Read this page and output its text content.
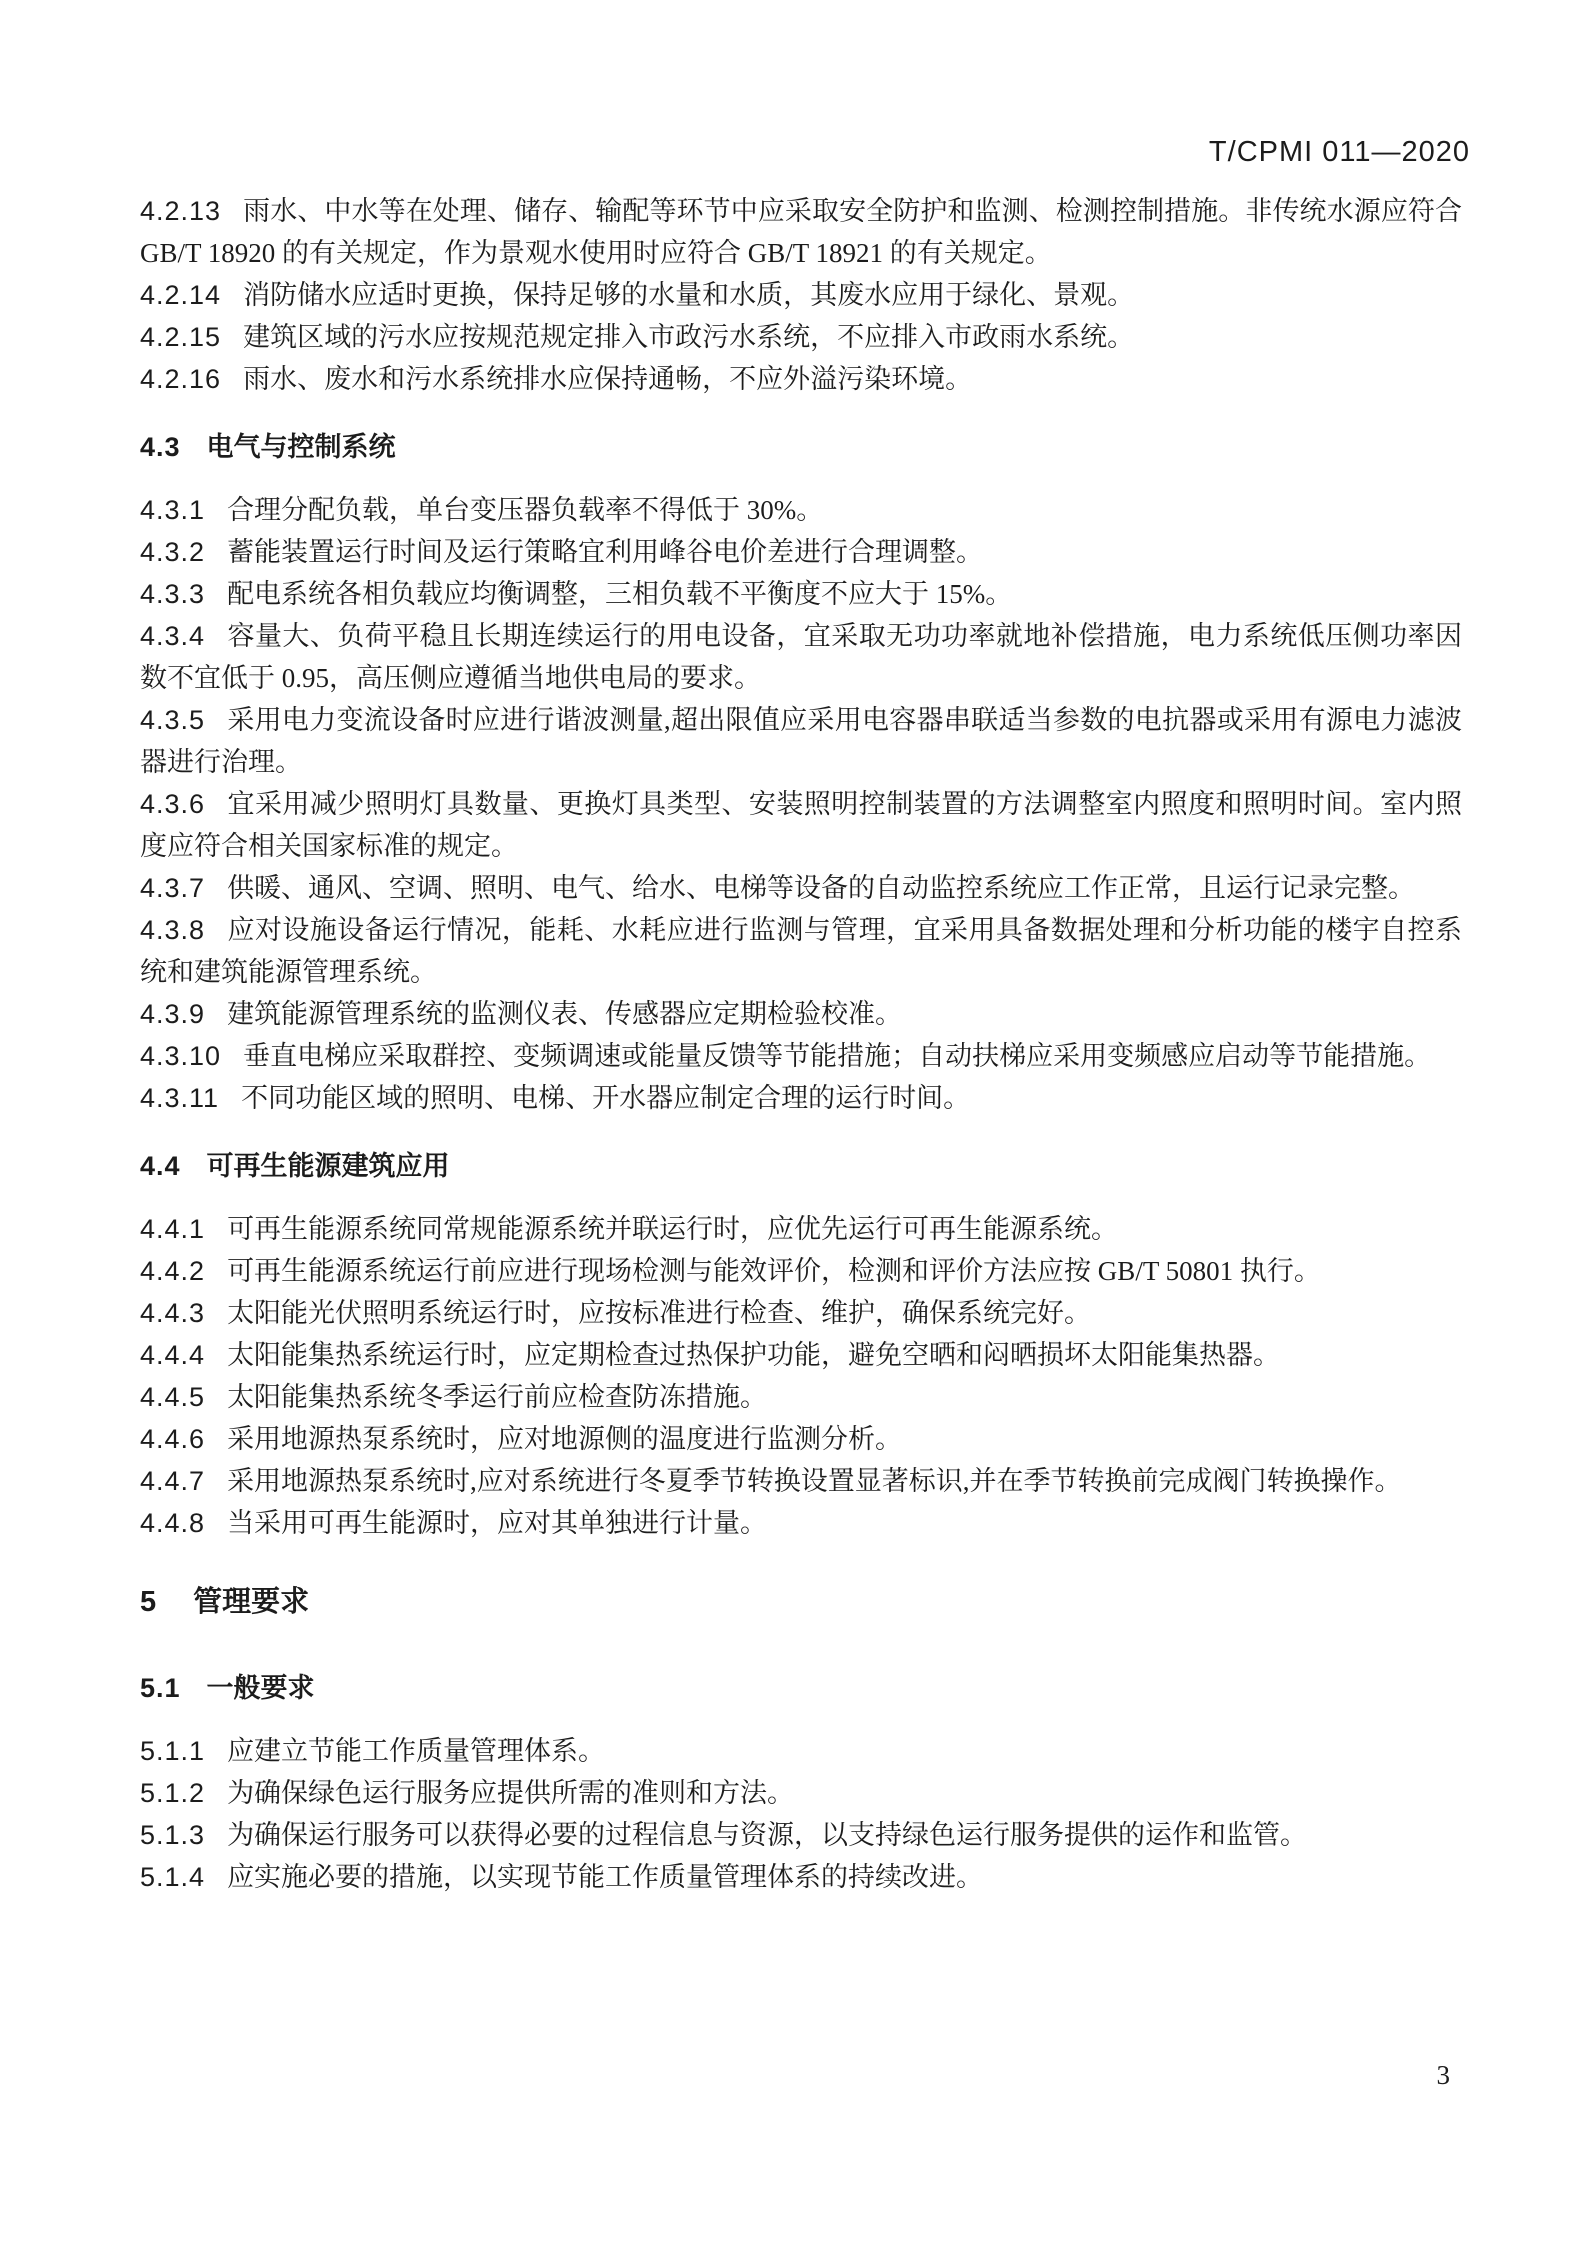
T/CPMI 011—2020

4.2.13 雨水、中水等在处理、储存、输配等环节中应采取安全防护和监测、检测控制措施。非传统水源应符合 GB/T 18920 的有关规定，作为景观水使用时应符合 GB/T 18921 的有关规定。

4.2.14 消防储水应适时更换，保持足够的水量和水质，其废水应用于绿化、景观。

4.2.15 建筑区域的污水应按规范规定排入市政污水系统，不应排入市政雨水系统。

4.2.16 雨水、废水和污水系统排水应保持通畅，不应外溢污染环境。

4.3 电气与控制系统

4.3.1 合理分配负载，单台变压器负载率不得低于 30%。

4.3.2 蓄能装置运行时间及运行策略宜利用峰谷电价差进行合理调整。

4.3.3 配电系统各相负载应均衡调整，三相负载不平衡度不应大于 15%。

4.3.4 容量大、负荷平稳且长期连续运行的用电设备，宜采取无功功率就地补偿措施，电力系统低压侧功率因数不宜低于 0.95，高压侧应遵循当地供电局的要求。

4.3.5 采用电力变流设备时应进行谐波测量,超出限值应采用电容器串联适当参数的电抗器或采用有源电力滤波器进行治理。

4.3.6 宜采用减少照明灯具数量、更换灯具类型、安装照明控制装置的方法调整室内照度和照明时间。室内照度应符合相关国家标准的规定。

4.3.7 供暖、通风、空调、照明、电气、给水、电梯等设备的自动监控系统应工作正常，且运行记录完整。

4.3.8 应对设施设备运行情况，能耗、水耗应进行监测与管理，宜采用具备数据处理和分析功能的楼宇自控系统和建筑能源管理系统。

4.3.9 建筑能源管理系统的监测仪表、传感器应定期检验校准。

4.3.10 垂直电梯应采取群控、变频调速或能量反馈等节能措施；自动扶梯应采用变频感应启动等节能措施。

4.3.11 不同功能区域的照明、电梯、开水器应制定合理的运行时间。

4.4 可再生能源建筑应用

4.4.1 可再生能源系统同常规能源系统并联运行时，应优先运行可再生能源系统。

4.4.2 可再生能源系统运行前应进行现场检测与能效评价，检测和评价方法应按 GB/T 50801 执行。

4.4.3 太阳能光伏照明系统运行时，应按标准进行检查、维护，确保系统完好。

4.4.4 太阳能集热系统运行时，应定期检查过热保护功能，避免空晒和闷晒损坏太阳能集热器。

4.4.5 太阳能集热系统冬季运行前应检查防冻措施。

4.4.6 采用地源热泵系统时，应对地源侧的温度进行监测分析。

4.4.7 采用地源热泵系统时,应对系统进行冬夏季节转换设置显著标识,并在季节转换前完成阀门转换操作。

4.4.8 当采用可再生能源时，应对其单独进行计量。

5 管理要求

5.1 一般要求

5.1.1 应建立节能工作质量管理体系。

5.1.2 为确保绿色运行服务应提供所需的准则和方法。

5.1.3 为确保运行服务可以获得必要的过程信息与资源，以支持绿色运行服务提供的运作和监管。

5.1.4 应实施必要的措施，以实现节能工作质量管理体系的持续改进。

3
